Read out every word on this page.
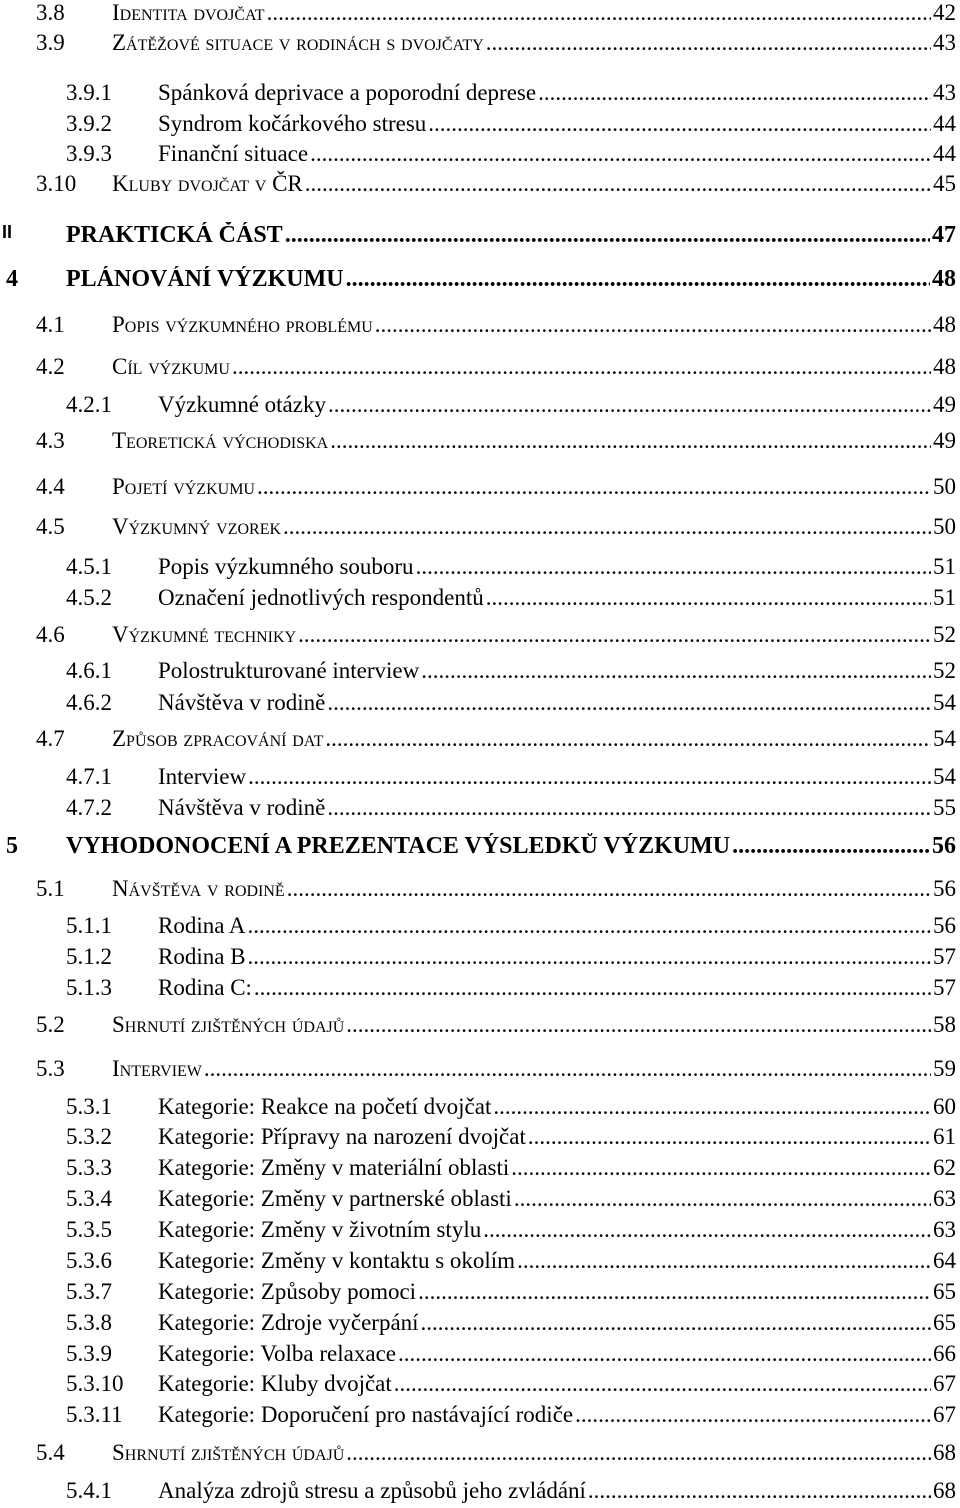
3.8 Identita dvojčat .....	42
3.9 Zátěžové situace v rodinách s dvojčaty .....	43
3.9.1 Spánková deprivace a poporodní deprese .....	43
3.9.2 Syndrom kočárkového stresu .....	44
3.9.3 Finanční situace .....	44
3.10 Kluby dvojčat v ČR .....	45
II PRAKTICKÁ ČÁST .....	47
4 PLÁNOVÁNÍ VÝZKUMU .....	48
4.1 Popis výzkumného problému .....	48
4.2 Cíl výzkumu .....	48
4.2.1 Výzkumné otázky .....	49
4.3 Teoretická východiska .....	49
4.4 Pojetí výzkumu .....	50
4.5 Výzkumný vzorek .....	50
4.5.1 Popis výzkumného souboru .....	51
4.5.2 Označení jednotlivých respondentů .....	51
4.6 Výzkumné techniky .....	52
4.6.1 Polostrukturované interview .....	52
4.6.2 Návštěva v rodině .....	54
4.7 Způsob zpracování dat .....	54
4.7.1 Interview .....	54
4.7.2 Návštěva v rodině .....	55
5 VYHODONOCENÍ A PREZENTACE VÝSLEDKŮ VÝZKUMU .....	56
5.1 Návštěva v rodině .....	56
5.1.1 Rodina A .....	56
5.1.2 Rodina B .....	57
5.1.3 Rodina C: .....	57
5.2 Shrnutí zjištěných údajů .....	58
5.3 Interview .....	59
5.3.1 Kategorie: Reakce na početí dvojčat .....	60
5.3.2 Kategorie: Přípravy na narození dvojčat .....	61
5.3.3 Kategorie: Změny v materiální oblasti .....	62
5.3.4 Kategorie: Změny v partnerské oblasti .....	63
5.3.5 Kategorie: Změny v životním stylu .....	63
5.3.6 Kategorie: Změny v kontaktu s okolím .....	64
5.3.7 Kategorie: Způsoby pomoci .....	65
5.3.8 Kategorie: Zdroje vyčerpání .....	65
5.3.9 Kategorie: Volba relaxace .....	66
5.3.10 Kategorie: Kluby dvojčat .....	67
5.3.11 Kategorie: Doporučení pro nastávající rodiče .....	67
5.4 Shrnutí zjištěných údajů .....	68
5.4.1 Analýza zdrojů stresu a způsobů jeho zvládání .....	68
